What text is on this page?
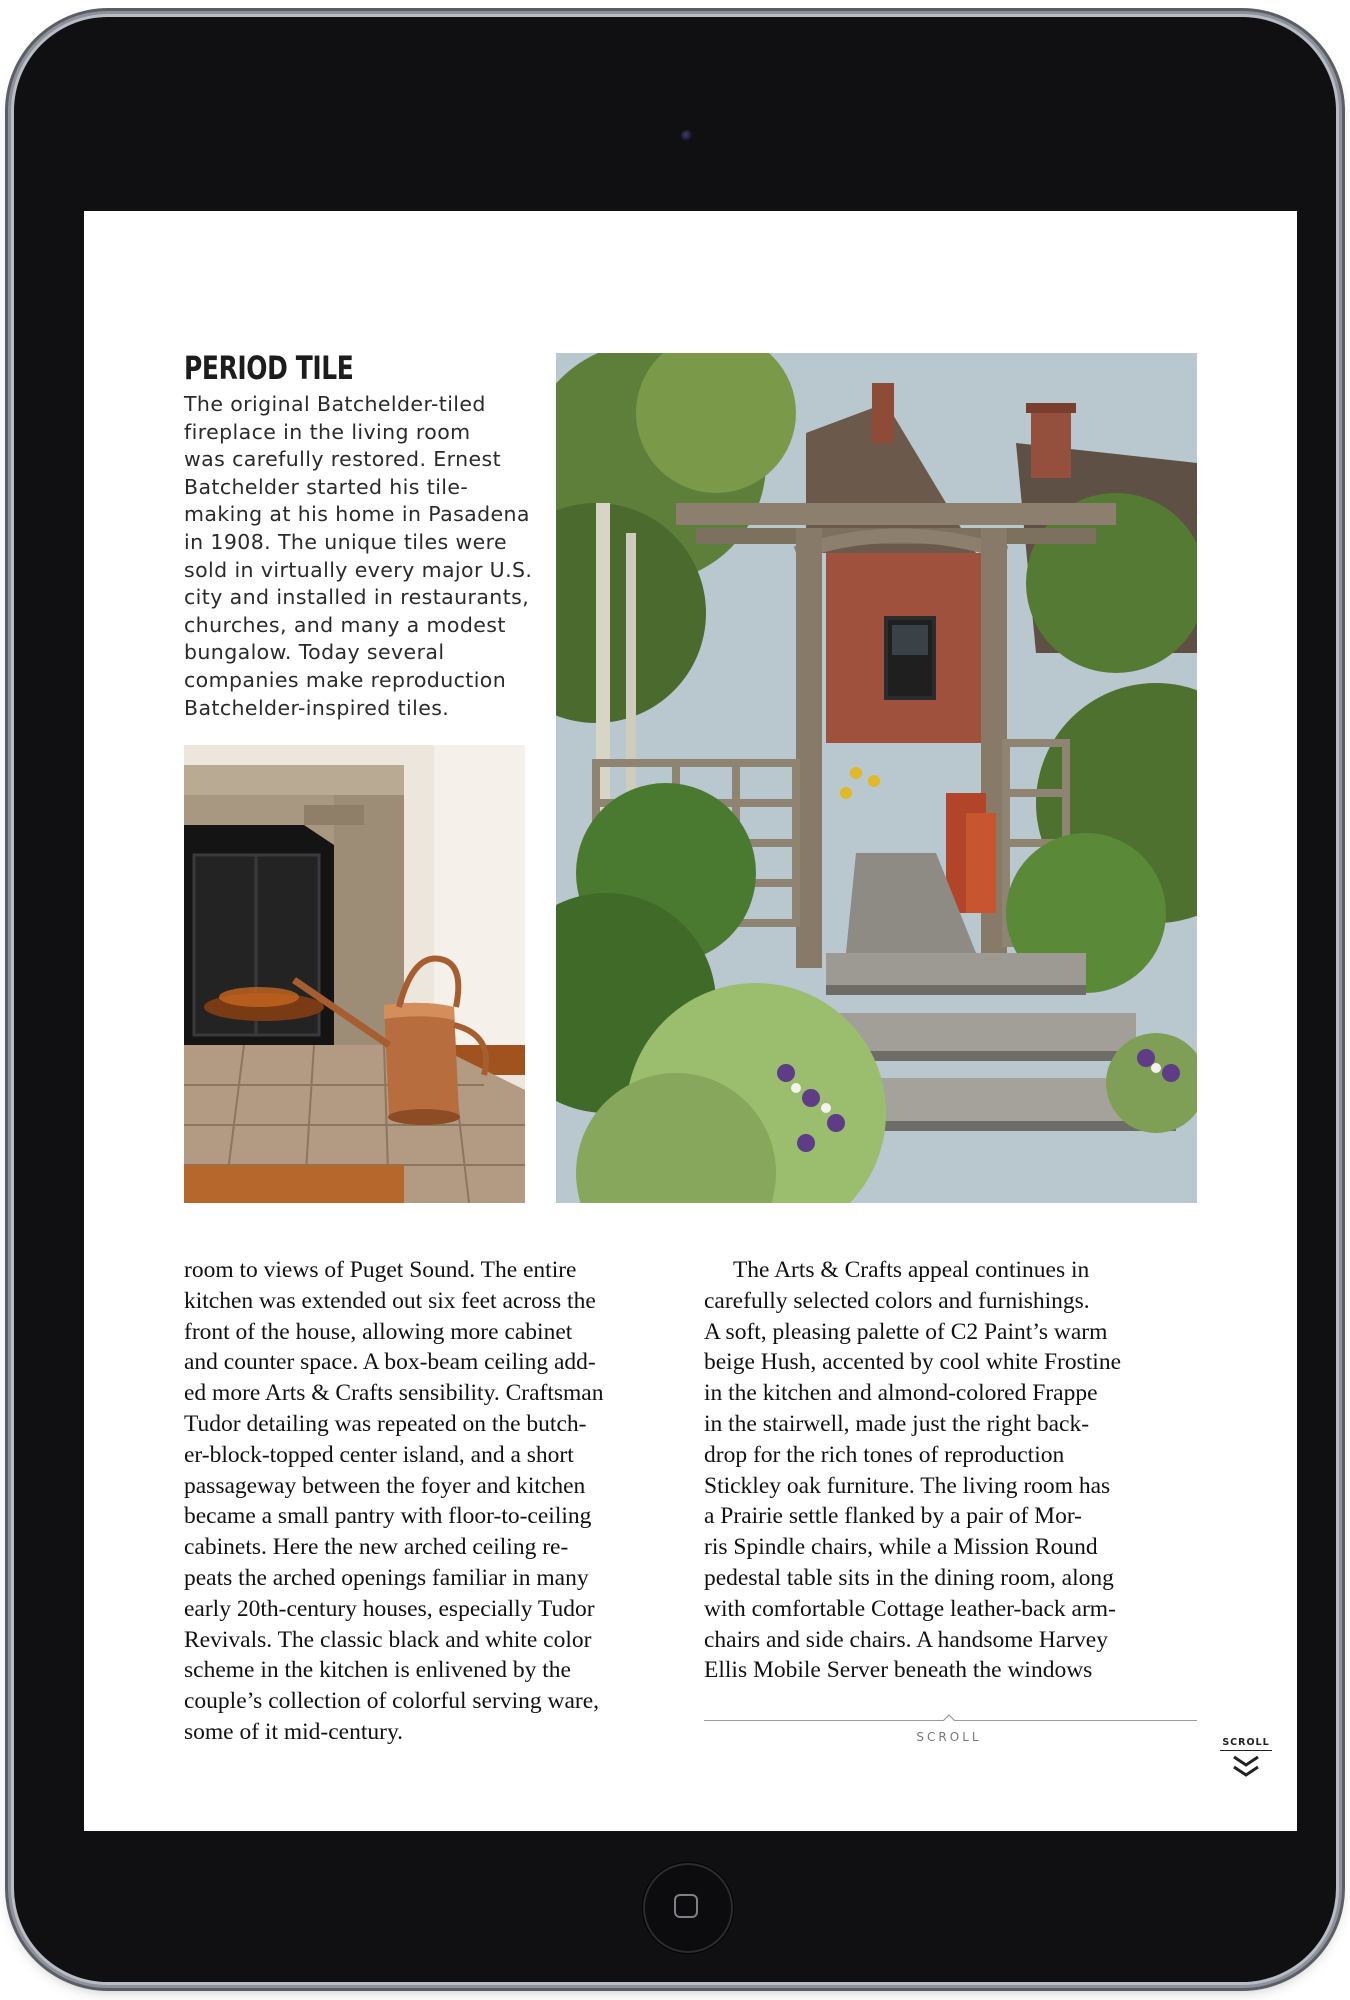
PERIOD TILE
The original Batchelder-tiled
fireplace in the living room
was carefully restored. Ernest
Batchelder started his tile-
making at his home in Pasadena
in 1908. The unique tiles were
sold in virtually every major U.S.
city and installed in restaurants,
churches, and many a modest
bungalow. Today several
companies make reproduction
Batchelder-inspired tiles.
room to views of Puget Sound. The entire
kitchen was extended out six feet across the
front of the house, allowing more cabinet
and counter space. A box-beam ceiling add-
ed more Arts & Crafts sensibility. Craftsman
Tudor detailing was repeated on the butch-
er-block-topped center island, and a short
passageway between the foyer and kitchen
became a small pantry with floor-to-ceiling
cabinets. Here the new arched ceiling re-
peats the arched openings familiar in many
early 20th-century houses, especially Tudor
Revivals. The classic black and white color
scheme in the kitchen is enlivened by the
couple’s collection of colorful serving ware,
some of it mid-century.
  The Arts & Crafts appeal continues in
carefully selected colors and furnishings.
A soft, pleasing palette of C2 Paint’s warm
beige Hush, accented by cool white Frostine
in the kitchen and almond-colored Frappe
in the stairwell, made just the right back-
drop for the rich tones of reproduction
Stickley oak furniture. The living room has
a Prairie settle flanked by a pair of Mor-
ris Spindle chairs, while a Mission Round
pedestal table sits in the dining room, along
with comfortable Cottage leather-back arm-
chairs and side chairs. A handsome Harvey
Ellis Mobile Server beneath the windows
SCROLL	SCROLL
